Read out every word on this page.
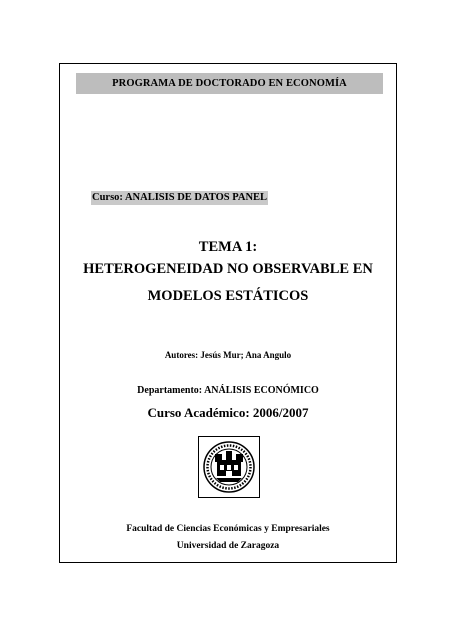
PROGRAMA DE DOCTORADO EN ECONOMÍA
Curso: ANALISIS DE DATOS PANEL
TEMA 1:
HETEROGENEIDAD NO OBSERVABLE EN
MODELOS ESTÁTICOS
Autores: Jesús Mur; Ana Angulo
Departamento: ANÁLISIS ECONÓMICO
Curso Académico: 2006/2007
Facultad de Ciencias Económicas y Empresariales
Universidad de Zaragoza
